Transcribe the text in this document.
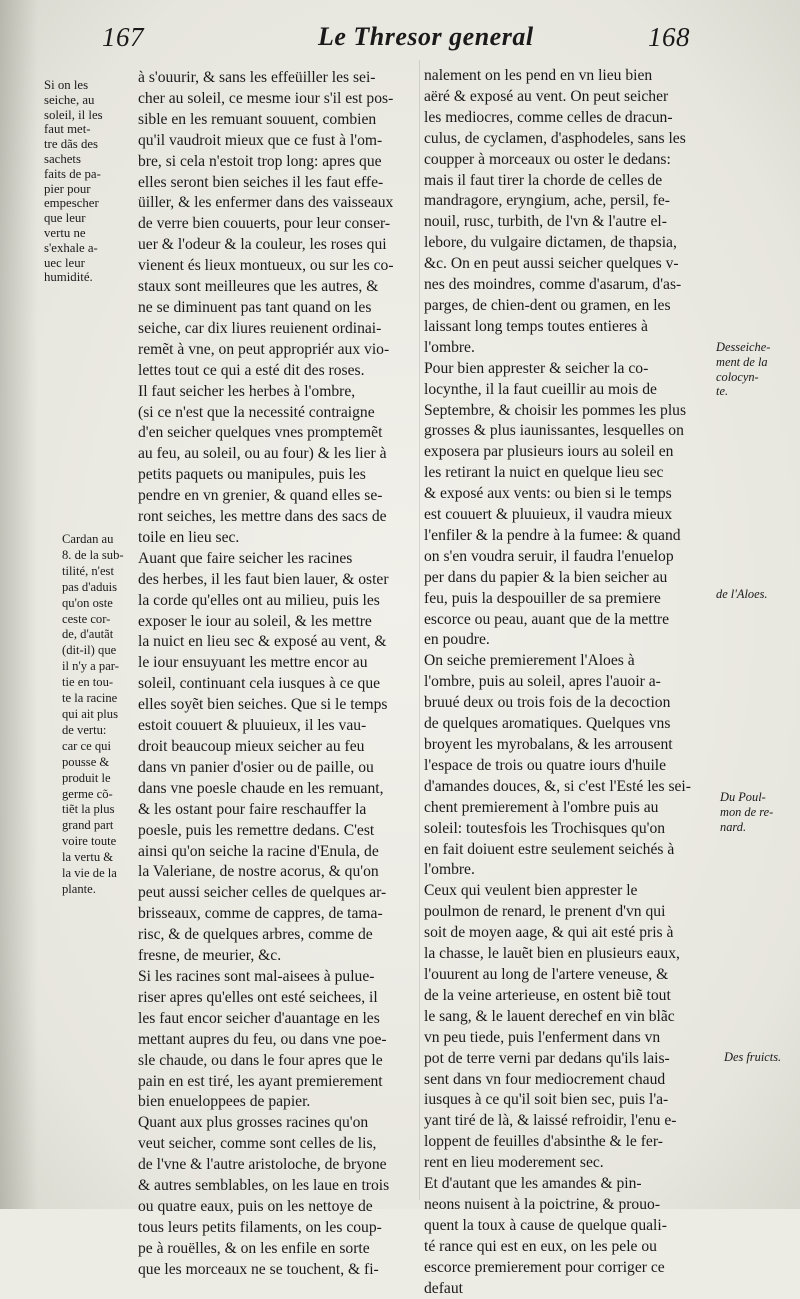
167	Le Thresor general	168
Si on les
seiche, au
soleil, il les
faut met-
tre dãs des
sachets
faits de pa-
pier pour
empescher
que leur
vertu ne
s'exhale a-
uec leur
humidité.
Cardan au
8. de la sub-
tilité, n'est
pas d'aduis
qu'on oste
ceste cor-
de, d'autãt
(dit-il) que
il n'y a par-
tie en tou-
te la racine
qui ait plus
de vertu:
car ce qui
pousse &
produit le
germe cõ-
tiẽt la plus
grand part
voire toute
la vertu &
la vie de la
plante.
Desseiche-
ment de la
colocyn-
te.
de l'Aloes.
Du Poul-
mon de re-
nard.
Des fruicts.

à s'ouurir, & sans les effeüiller les sei-
cher au soleil, ce mesme iour s'il est pos-
sible en les remuant souuent, combien
qu'il vaudroit mieux que ce fust à l'om-
bre, si cela n'estoit trop long: apres que
elles seront bien seiches il les faut effe-
üiller, & les enfermer dans des vaisseaux
de verre bien couuerts, pour leur conser-
uer & l'odeur & la couleur, les roses qui
vienent és lieux montueux, ou sur les co-
staux sont meilleures que les autres, &
ne se diminuent pas tant quand on les
seiche, car dix liures reuienent ordinai-
remẽt à vne, on peut appropriér aux vio-
lettes tout ce qui a esté dit des roses.

Il faut seicher les herbes à l'ombre,
(si ce n'est que la necessité contraigne
d'en seicher quelques vnes promptemẽt
au feu, au soleil, ou au four) & les lier à
petits paquets ou manipules, puis les
pendre en vn grenier, & quand elles se-
ront seiches, les mettre dans des sacs de
toile en lieu sec.

Auant que faire seicher les racines
des herbes, il les faut bien lauer, & oster
la corde qu'elles ont au milieu, puis les
exposer le iour au soleil, & les mettre
la nuict en lieu sec & exposé au vent, &
le iour ensuyuant les mettre encor au
soleil, continuant cela iusques à ce que
elles soyẽt bien seiches. Que si le temps
estoit couuert & pluuieux, il les vau-
droit beaucoup mieux seicher au feu
dans vn panier d'osier ou de paille, ou
dans vne poesle chaude en les remuant,
& les ostant pour faire reschauffer la
poesle, puis les remettre dedans. C'est
ainsi qu'on seiche la racine d'Enula, de
la Valeriane, de nostre acorus, & qu'on
peut aussi seicher celles de quelques ar-
brisseaux, comme de cappres, de tama-
risc, & de quelques arbres, comme de
fresne, de meurier, &c.

Si les racines sont mal-aisees à pulue-
riser apres qu'elles ont esté seichees, il
les faut encor seicher d'auantage en les
mettant aupres du feu, ou dans vne poe-
sle chaude, ou dans le four apres que le
pain en est tiré, les ayant premierement
bien enueloppees de papier.

Quant aux plus grosses racines qu'on
veut seicher, comme sont celles de lis,
de l'vne & l'autre aristoloche, de bryone
& autres semblables, on les laue en trois
ou quatre eaux, puis on les nettoye de
tous leurs petits filaments, on les coup-
pe à rouëlles, & on les enfile en sorte
que les morceaux ne se touchent, & fi-

nalement on les pend en vn lieu bien
aëré & exposé au vent. On peut seicher
les mediocres, comme celles de dracun-
culus, de cyclamen, d'asphodeles, sans les
coupper à morceaux ou oster le dedans:
mais il faut tirer la chorde de celles de
mandragore, eryngium, ache, persil, fe-
nouil, rusc, turbith, de l'vn & l'autre el-
lebore, du vulgaire dictamen, de thapsia,
&c. On en peut aussi seicher quelques v-
nes des moindres, comme d'asarum, d'as-
parges, de chien-dent ou gramen, en les
laissant long temps toutes entieres à
l'ombre.

Pour bien apprester & seicher la co-
locynthe, il la faut cueillir au mois de
Septembre, & choisir les pommes les plus
grosses & plus iaunissantes, lesquelles on
exposera par plusieurs iours au soleil en
les retirant la nuict en quelque lieu sec
& exposé aux vents: ou bien si le temps
est couuert & pluuieux, il vaudra mieux
l'enfiler & la pendre à la fumee: & quand
on s'en voudra seruir, il faudra l'enuelop
per dans du papier & la bien seicher au
feu, puis la despouiller de sa premiere
escorce ou peau, auant que de la mettre
en poudre.

On seiche premierement l'Aloes à
l'ombre, puis au soleil, apres l'auoir a-
bruué deux ou trois fois de la decoction
de quelques aromatiques. Quelques vns
broyent les myrobalans, & les arrousent
l'espace de trois ou quatre iours d'huile
d'amandes douces, &, si c'est l'Esté les sei-
chent premierement à l'ombre puis au
soleil: toutesfois les Trochisques qu'on
en fait doiuent estre seulement seichés à
l'ombre.

Ceux qui veulent bien apprester le
poulmon de renard, le prenent d'vn qui
soit de moyen aage, & qui ait esté pris à
la chasse, le lauẽt bien en plusieurs eaux,
l'ouurent au long de l'artere veneuse, &
de la veine arterieuse, en ostent biẽ tout
le sang, & le lauent derechef en vin blãc
vn peu tiede, puis l'enferment dans vn
pot de terre verni par dedans qu'ils lais-
sent dans vn four mediocrement chaud
iusques à ce qu'il soit bien sec, puis l'a-
yant tiré de là, & laissé refroidir, l'enu e-
loppent de feuilles d'absinthe & le fer-
rent en lieu moderement sec.

Et d'autant que les amandes & pin-
neons nuisent à la poictrine, & prouo-
quent la toux à cause de quelque quali-
té rance qui est en eux, on les pele ou
escorce premierement pour corriger ce
defaut
